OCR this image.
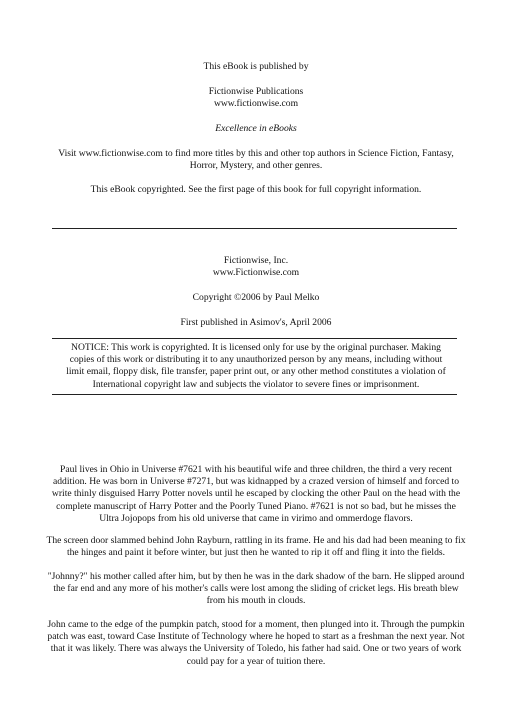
This eBook is published by

Fictionwise Publications

www.fictionwise.com

Excellence in eBooks

Visit www.fictionwise.com to find more titles by this and other top authors in Science Fiction, Fantasy, Horror, Mystery, and other genres.

This eBook copyrighted. See the first page of this book for full copyright information.

Fictionwise, Inc.

www.Fictionwise.com

Copyright ©2006 by Paul Melko

First published in Asimov's, April 2006

NOTICE: This work is copyrighted. It is licensed only for use by the original purchaser. Making copies of this work or distributing it to any unauthorized person by any means, including without limit email, floppy disk, file transfer, paper print out, or any other method constitutes a violation of International copyright law and subjects the violator to severe fines or imprisonment.

Paul lives in Ohio in Universe #7621 with his beautiful wife and three children, the third a very recent addition. He was born in Universe #7271, but was kidnapped by a crazed version of himself and forced to write thinly disguised Harry Potter novels until he escaped by clocking the other Paul on the head with the complete manuscript of Harry Potter and the Poorly Tuned Piano. #7621 is not so bad, but he misses the Ultra Jojopops from his old universe that came in virimo and ommerdoge flavors.

The screen door slammed behind John Rayburn, rattling in its frame. He and his dad had been meaning to fix the hinges and paint it before winter, but just then he wanted to rip it off and fling it into the fields.

"Johnny?" his mother called after him, but by then he was in the dark shadow of the barn. He slipped around the far end and any more of his mother's calls were lost among the sliding of cricket legs. His breath blew from his mouth in clouds.

John came to the edge of the pumpkin patch, stood for a moment, then plunged into it. Through the pumpkin patch was east, toward Case Institute of Technology where he hoped to start as a freshman the next year. Not that it was likely. There was always the University of Toledo, his father had said. One or two years of work could pay for a year of tuition there.
